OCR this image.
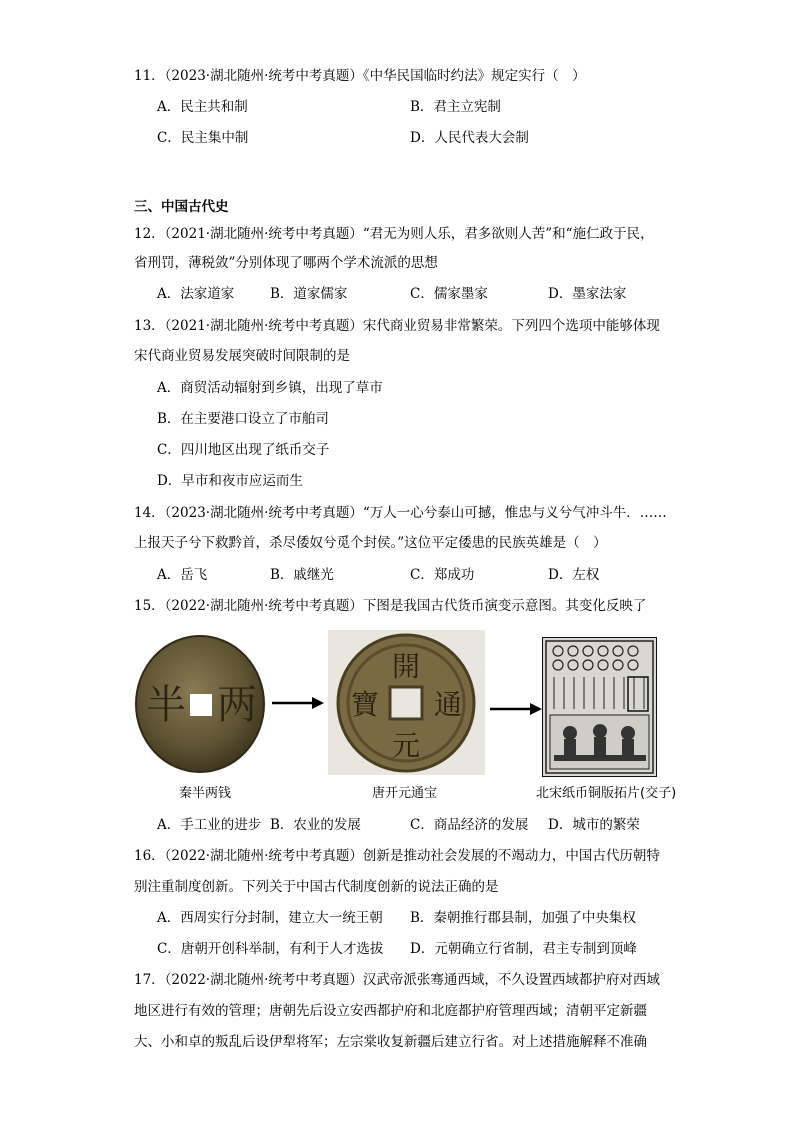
11．（2023·湖北随州·统考中考真题）《中华民国临时约法》规定实行（　）
A．民主共和制	B．君主立宪制
C．民主集中制	D．人民代表大会制
三、中国古代史
12．（2021·湖北随州·统考中考真题）“君无为则人乐，君多欲则人苦”和“施仁政于民，
省刑罚，薄税敛”分别体现了哪两个学术流派的思想
A．法家道家	B．道家儒家	C．儒家墨家	D．墨家法家
13．（2021·湖北随州·统考中考真题）宋代商业贸易非常繁荣。下列四个选项中能够体现
宋代商业贸易发展突破时间限制的是
A．商贸活动辐射到乡镇，出现了草市
B．在主要港口设立了市舶司
C．四川地区出现了纸币交子
D．早市和夜市应运而生
14．（2023·湖北随州·统考中考真题）“万人一心兮泰山可撼，惟忠与义兮气冲斗牛．……
上报天子兮下救黔首，杀尽倭奴兮觅个封侯。”这位平定倭患的民族英雄是（　）
A．岳飞	B．戚继光	C．郑成功	D．左权
15．（2022·湖北随州·统考中考真题）下图是我国古代货币演变示意图。其变化反映了
两
半
開
通
元
寶
秦半两钱	唐开元通宝	北宋纸币铜版拓片(交子)
A．手工业的进步 B．农业的发展	C．商品经济的发展 D．城市的繁荣
16．（2022·湖北随州·统考中考真题）创新是推动社会发展的不竭动力，中国古代历朝特
别注重制度创新。下列关于中国古代制度创新的说法正确的是
A．西周实行分封制，建立大一统王朝 B．秦朝推行郡县制，加强了中央集权
C．唐朝开创科举制，有利于人才选拔 D．元朝确立行省制，君主专制到顶峰
17．（2022·湖北随州·统考中考真题）汉武帝派张骞通西域，不久设置西域都护府对西域
地区进行有效的管理；唐朝先后设立安西都护府和北庭都护府管理西域；清朝平定新疆
大、小和卓的叛乱后设伊犁将军；左宗棠收复新疆后建立行省。对上述措施解释不准确
